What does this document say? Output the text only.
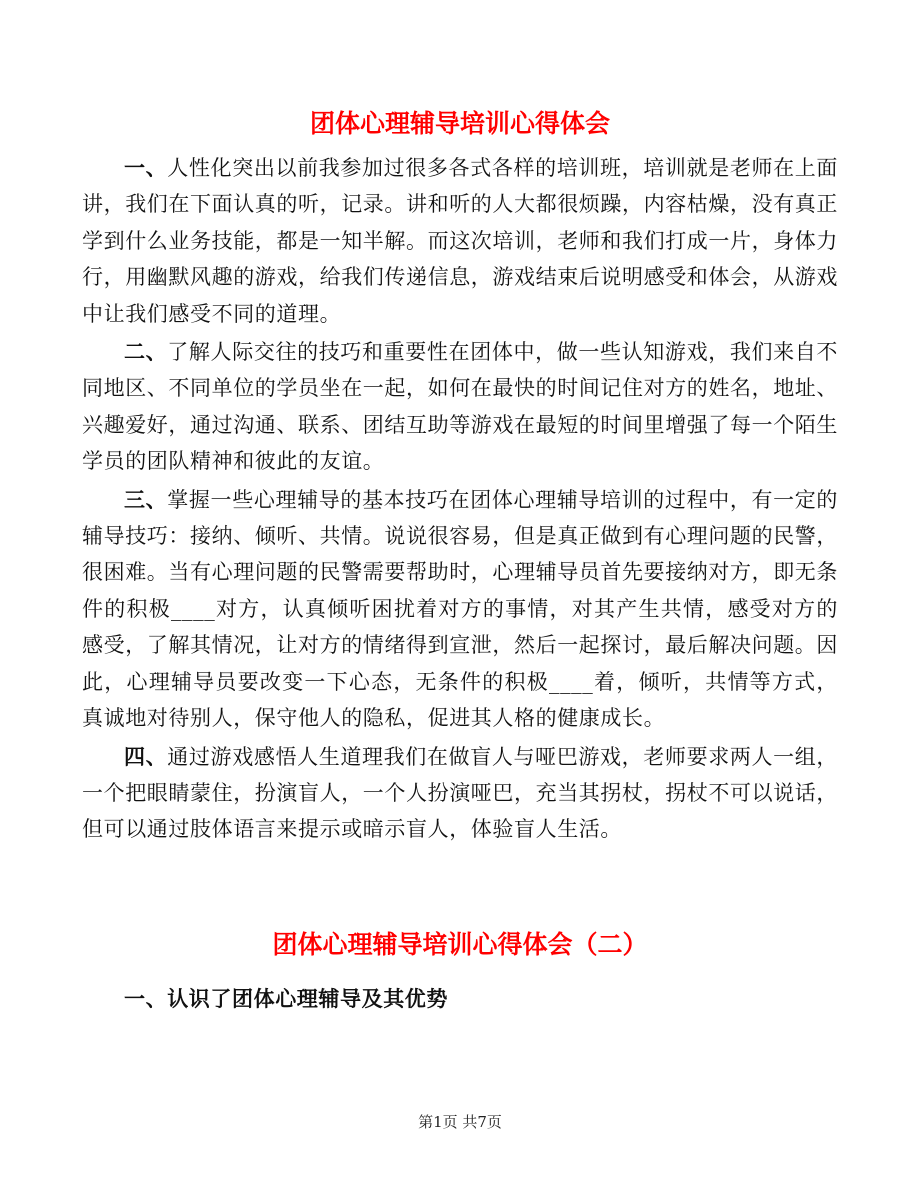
团体心理辅导培训心得体会

一、人性化突出以前我参加过很多各式各样的培训班，培训就是老师在上面讲，我们在下面认真的听，记录。讲和听的人大都很烦躁，内容枯燥，没有真正学到什么业务技能，都是一知半解。而这次培训，老师和我们打成一片，身体力行，用幽默风趣的游戏，给我们传递信息，游戏结束后说明感受和体会，从游戏中让我们感受不同的道理。

二、了解人际交往的技巧和重要性在团体中，做一些认知游戏，我们来自不同地区、不同单位的学员坐在一起，如何在最快的时间记住对方的姓名，地址、兴趣爱好，通过沟通、联系、团结互助等游戏在最短的时间里增强了每一个陌生学员的团队精神和彼此的友谊。

三、掌握一些心理辅导的基本技巧在团体心理辅导培训的过程中，有一定的辅导技巧：接纳、倾听、共情。说说很容易，但是真正做到有心理问题的民警，很困难。当有心理问题的民警需要帮助时，心理辅导员首先要接纳对方，即无条件的积极____对方，认真倾听困扰着对方的事情，对其产生共情，感受对方的感受，了解其情况，让对方的情绪得到宣泄，然后一起探讨，最后解决问题。因此，心理辅导员要改变一下心态，无条件的积极____着，倾听，共情等方式，真诚地对待别人，保守他人的隐私，促进其人格的健康成长。

四、通过游戏感悟人生道理我们在做盲人与哑巴游戏，老师要求两人一组，一个把眼睛蒙住，扮演盲人，一个人扮演哑巴，充当其拐杖，拐杖不可以说话，但可以通过肢体语言来提示或暗示盲人，体验盲人生活。

团体心理辅导培训心得体会（二）

一、认识了团体心理辅导及其优势

第1页 共7页
